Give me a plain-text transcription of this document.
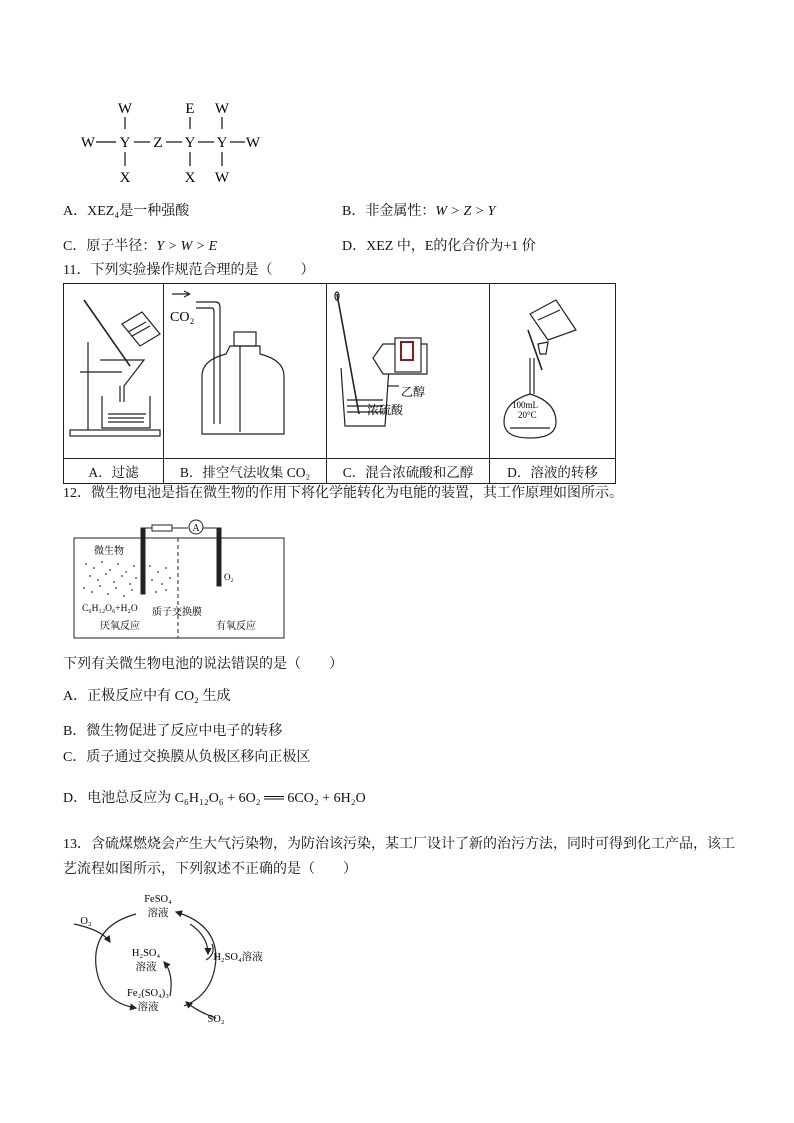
W	E W
W Y Z Y Y W
X	X W
A．XEZ₄是一种强酸	B．非金属性：W > Z > Y
C．原子半径：Y > W > E	D．XEZ 中，E的化合价为+1 价
11．下列实验操作规范合理的是（　　）

CO₂	乙醇
浓硫酸	100mL
20°C

A．过滤	B．排空气法收集 CO₂	C．混合浓硫酸和乙醇	D．溶液的转移
12．微生物电池是指在微生物的作用下将化学能转化为电能的装置，其工作原理如图所示。
A
微生物
O₂
C₆H₁₂O₆+H₂O 质子交换膜
厌氧反应	有氧反应
下列有关微生物电池的说法错误的是（　　）
A．正极反应中有 CO₂ 生成
B．微生物促进了反应中电子的转移
C．质子通过交换膜从负极区移向正极区
D．电池总反应为 C₆H₁₂O₆ + 6O₂ ══ 6CO₂ + 6H₂O
13．含硫煤燃烧会产生大气污染物，为防治该污染，某工厂设计了新的治污方法，同时可得到化工产品，该工
艺流程如图所示，下列叙述不正确的是（　　）
FeSO₄
溶液
O₂
H₂SO₄
溶液
H₂SO₄溶液
Fe₂(SO₄)₃
溶液
SO₂
